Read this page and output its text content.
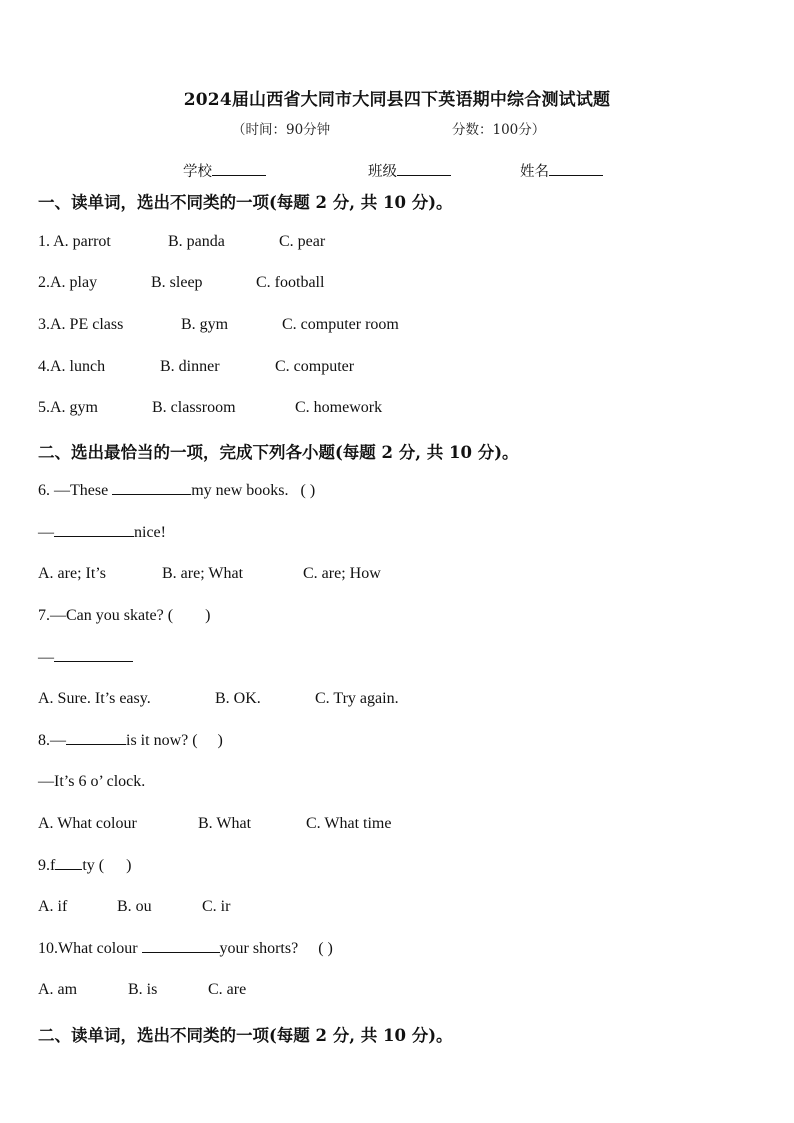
2024届山西省大同市大同县四下英语期中综合测试试题
（时间：90分钟	分数：100分）
学校	班级	姓名
一、读单词，选出不同类的一项(每题 2 分, 共 10 分)。
1. A. parrot	B. panda	C. pear
2.A. play	B. sleep	C. football
3.A. PE class	B. gym	C. computer room
4.A. lunch	B. dinner	C. computer
5.A. gym	B. classroom	C. homework
二、选出最恰当的一项，完成下列各小题(每题 2 分, 共 10 分)。
6. —These	my new books. ( )
—	nice!
A. are; It’s	B. are; What	C. are; How
7.—Can you skate? ( )
—
A. Sure. It’s easy.	B. OK.	C. Try again.
8.—	is it now? ( )
—It’s 6 o’ clock.
A. What colour	B. What	C. What time
9.f ty ( )
A. if	B. ou	C. ir
10.What colour	your shorts? ( )
A. am	B. is	C. are
二、读单词，选出不同类的一项(每题 2 分, 共 10 分)。
